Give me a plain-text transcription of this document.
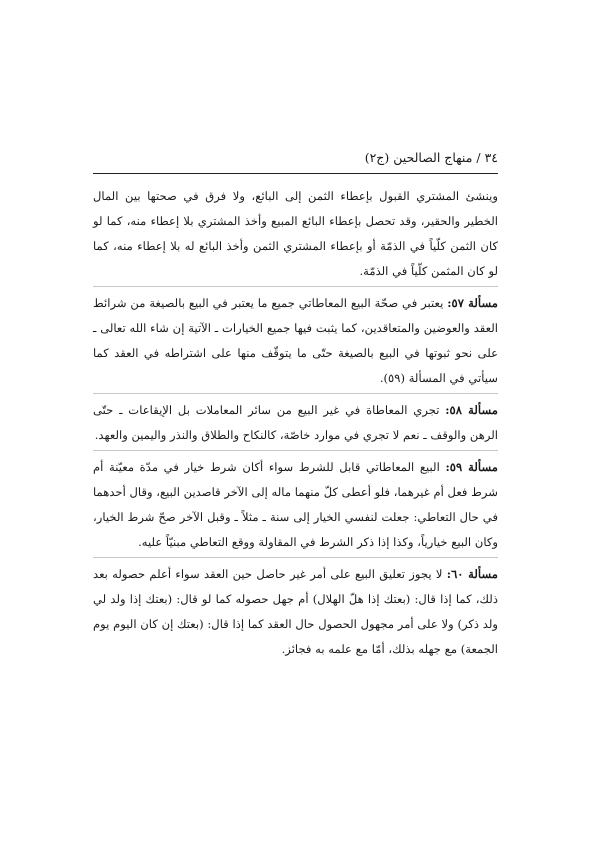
٣٤ / منهاج الصالحين (ج٢)

وينشئ المشتري القبول بإعطاء الثمن إلى البائع، ولا فرق في صحتها بين المال الخطير والحقير، وقد تحصل بإعطاء البائع المبيع وأخذ المشتري بلا إعطاء منه، كما لو كان الثمن كلّياً في الذمّة أو بإعطاء المشتري الثمن وأخذ البائع له بلا إعطاء منه، كما لو كان المثمن كلّياً في الذمّة.

مسألة ٥٧: يعتبر في صحّة البيع المعاطاتي جميع ما يعتبر في البيع بالصيغة من شرائط العقد والعوضين والمتعاقدين، كما يثبت فيها جميع الخيارات ـ الآتية إن شاء الله تعالى ـ على نحو ثبوتها في البيع بالصيغة حتّى ما يتوقّف منها على اشتراطه في العقد كما سيأتي في المسألة (٥٩).

مسألة ٥٨: تجري المعاطاة في غير البيع من سائر المعاملات بل الإيقاعات ـ حتّى الرهن والوقف ـ نعم لا تجري في موارد خاصّة، كالنكاح والطلاق والنذر واليمين والعهد.

مسألة ٥٩: البيع المعاطاتي قابل للشرط سواء أكان شرط خيار في مدّة معيّنة أم شرط فعل أم غيرهما، فلو أعطى كلّ منهما ماله إلى الآخر قاصدين البيع، وقال أحدهما في حال التعاطي: جعلت لنفسي الخيار إلى سنة ـ مثلاً ـ وقبل الآخر صحّ شرط الخيار، وكان البيع خيارياً، وكذا إذا ذكر الشرط في المقاولة ووقع التعاطي مبنيّاً عليه.

مسألة ٦٠: لا يجوز تعليق البيع على أمر غير حاصل حين العقد سواء أعلم حصوله بعد ذلك، كما إذا قال: (بعتك إذا هلّ الهلال) أم جهل حصوله كما لو قال: (بعتك إذا ولد لي ولد ذكر) ولا على أمر مجهول الحصول حال العقد كما إذا قال: (بعتك إن كان اليوم يوم الجمعة) مع جهله بذلك، أمّا مع علمه به فجائز.
